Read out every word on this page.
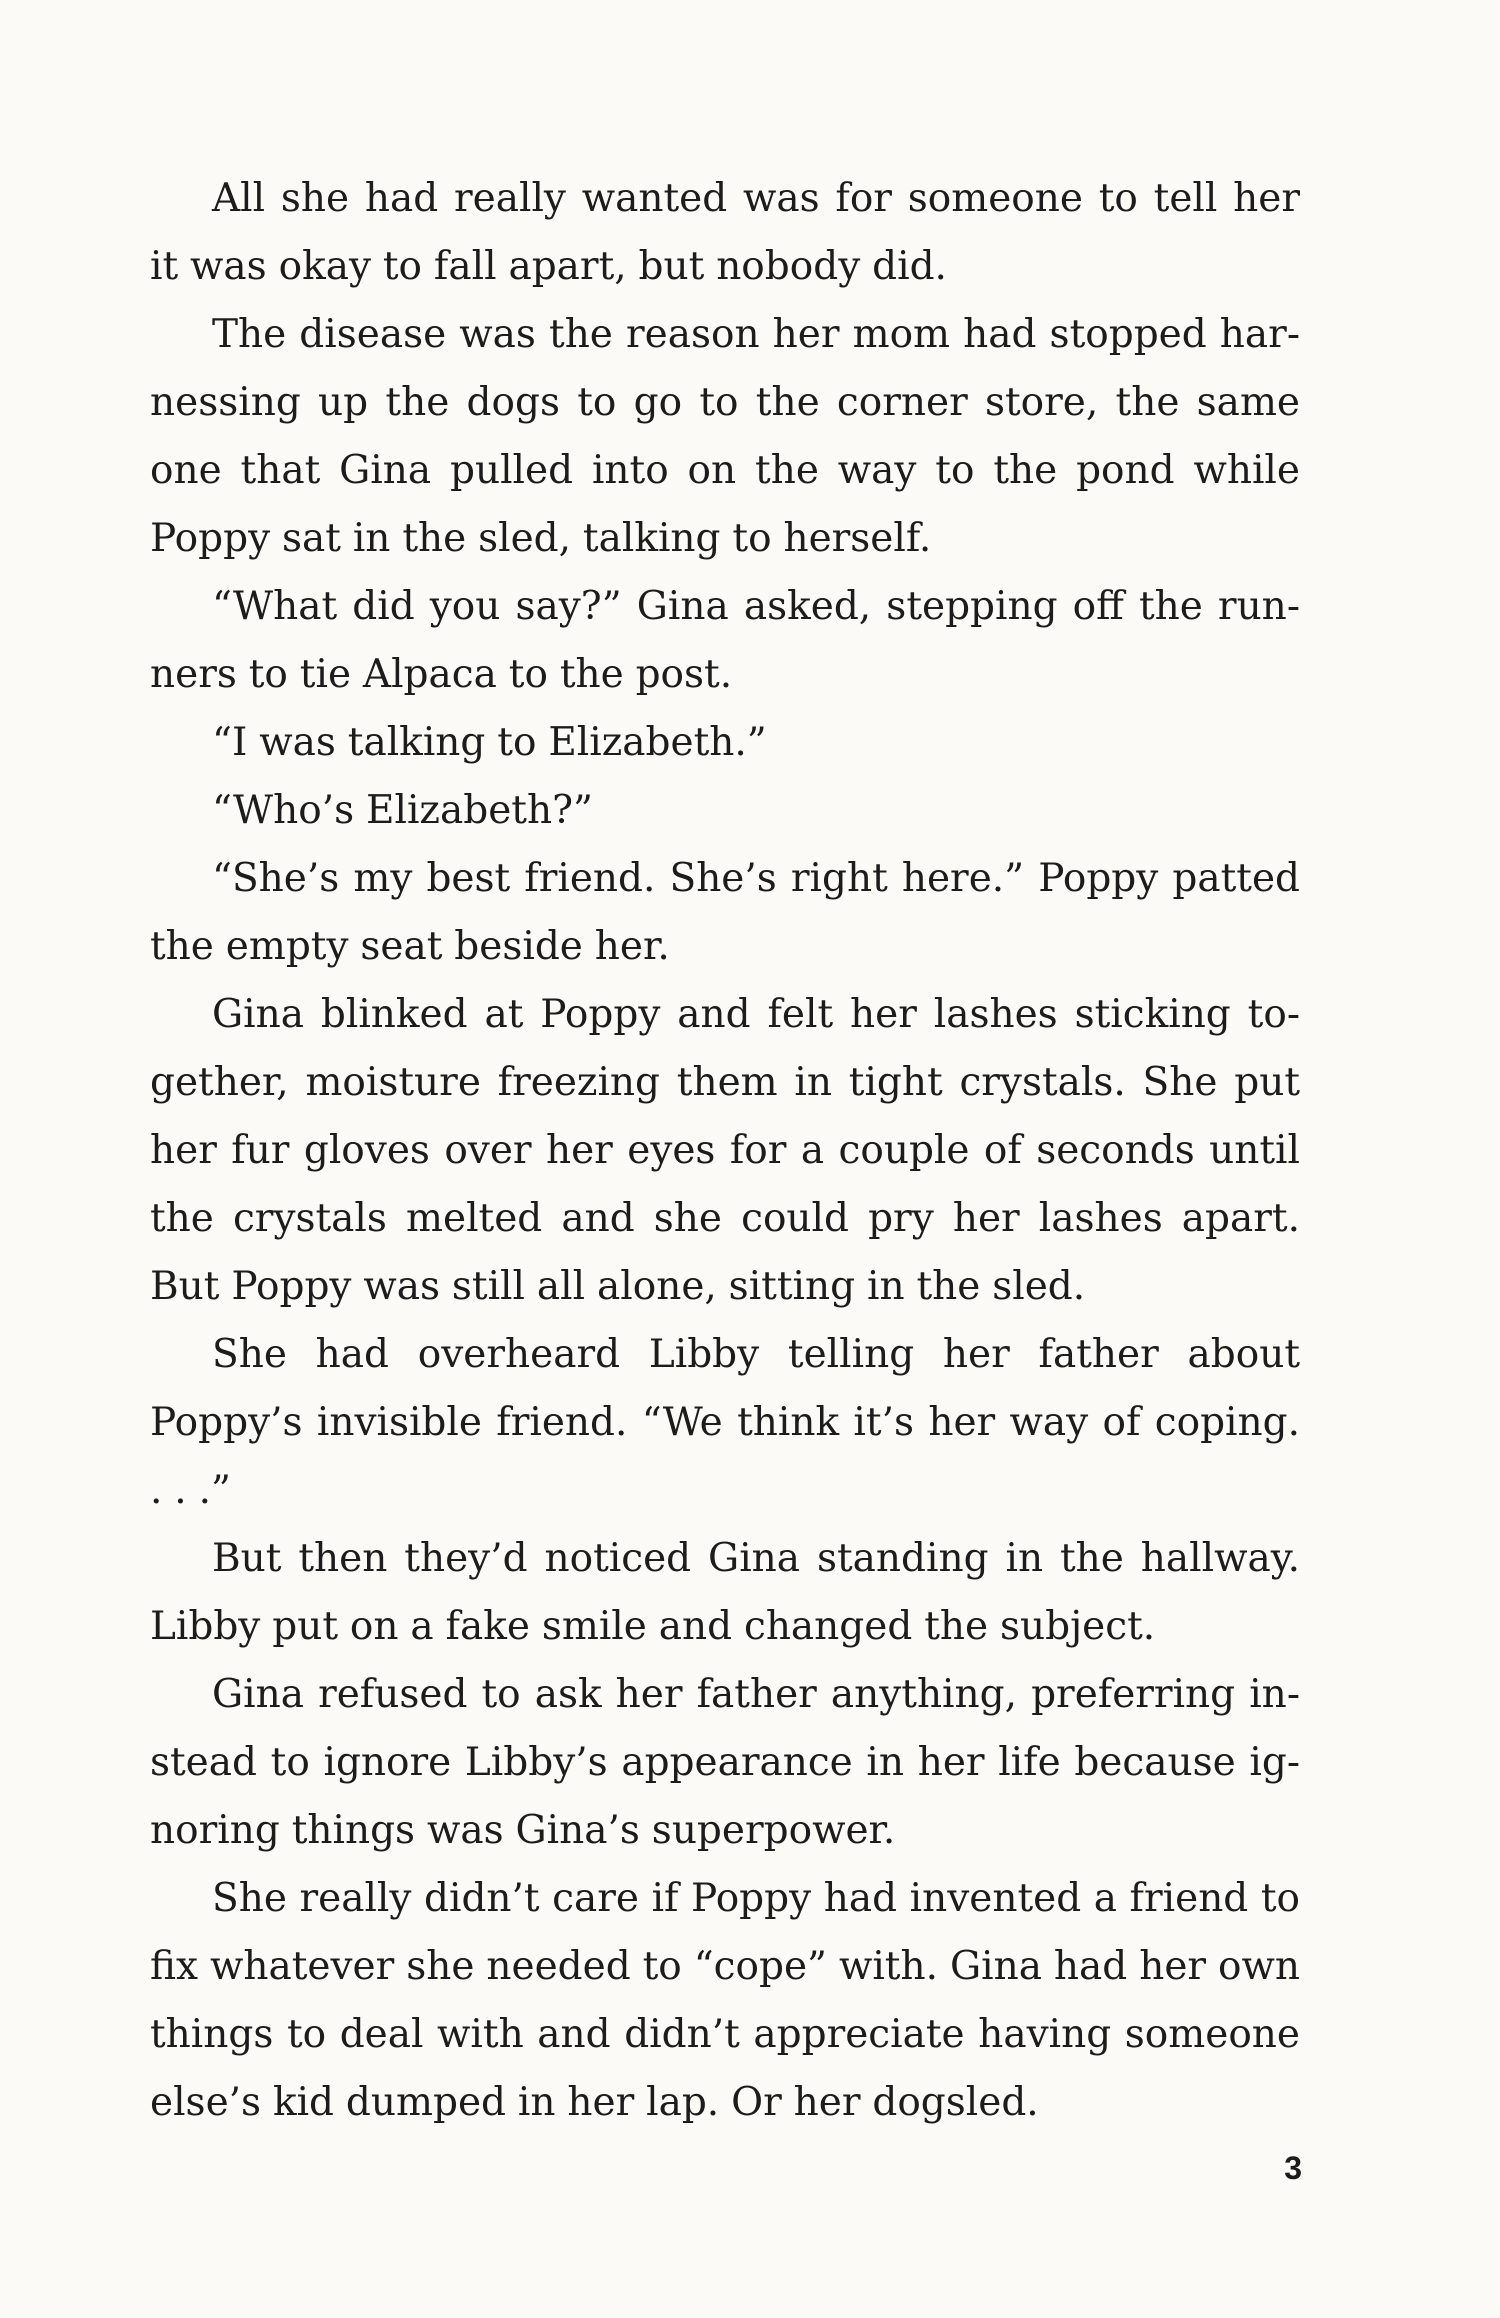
All she had really wanted was for someone to tell her it was okay to fall apart, but nobody did.

The disease was the reason her mom had stopped harnessing up the dogs to go to the corner store, the same one that Gina pulled into on the way to the pond while Poppy sat in the sled, talking to herself.

“What did you say?” Gina asked, stepping off the runners to tie Alpaca to the post.

“I was talking to Elizabeth.”

“Who’s Elizabeth?”

“She’s my best friend. She’s right here.” Poppy patted the empty seat beside her.

Gina blinked at Poppy and felt her lashes sticking together, moisture freezing them in tight crystals. She put her fur gloves over her eyes for a couple of seconds until the crystals melted and she could pry her lashes apart. But Poppy was still all alone, sitting in the sled.

She had overheard Libby telling her father about Poppy’s invisible friend. “We think it’s her way of coping. . . .”

But then they’d noticed Gina standing in the hallway. Libby put on a fake smile and changed the subject.

Gina refused to ask her father anything, preferring instead to ignore Libby’s appearance in her life because ignoring things was Gina’s superpower.

She really didn’t care if Poppy had invented a friend to fix whatever she needed to “cope” with. Gina had her own things to deal with and didn’t appreciate having someone else’s kid dumped in her lap. Or her dogsled.

3
